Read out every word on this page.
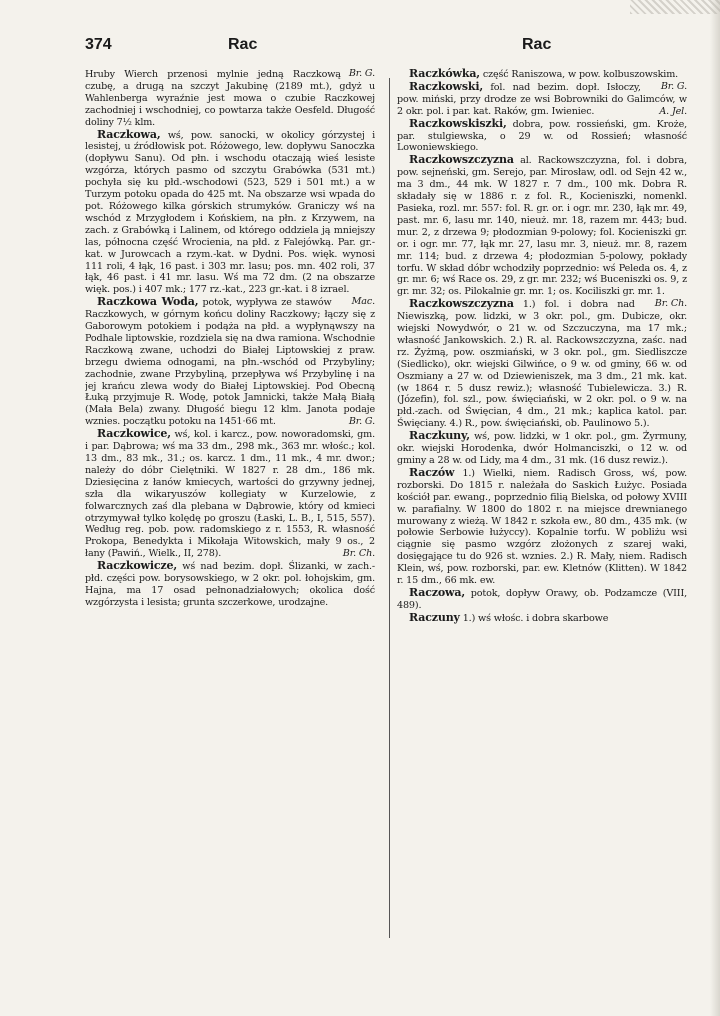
374	Rac	Rac

Br. G.
Hruby Wierch przenosi mylnie jedną Raczkową czubę, a drugą na szczyt Jakubinę (2189 mt.), gdyż u Wahlenberga wyraźnie jest mowa o czubie Raczkowej zachodniej i wschodniej, co powtarza także Oesfeld. Długość doliny 7½ klm.

Raczkowa, wś, pow. sanocki, w okolicy górzystej i lesistej, u źródłowisk pot. Różowego, lew. dopływu Sanoczka (dopływu Sanu). Od płn. i wschodu otaczają wieś lesiste wzgórza, których pasmo od szczytu Grabówka (531 mt.) pochyła się ku płd.-wschodowi (523, 529 i 501 mt.) a w Turzym potoku opada do 425 mt. Na obszarze wsi wpada do pot. Różowego kilka górskich strumyków. Graniczy wś na wschód z Mrzygłodem i Końskiem, na płn. z Krzywem, na zach. z Grabówką i Lalinem, od którego oddziela ją mniejszy las, północna część Wrocienia, na płd. z Falejówką. Par. gr.-kat. w Jurowcach a rzym.-kat. w Dydni. Pos. więk. wynosi 111 roli, 4 łąk, 16 past. i 303 mr. lasu; pos. mn. 402 roli, 37 łąk, 46 past. i 41 mr. lasu. Wś ma 72 dm. (2 na obszarze więk. pos.) i 407 mk.; 177 rz.-kat., 223 gr.-kat. i 8 izrael.
Mac.

Raczkowa Woda, potok, wypływa ze stawów Raczkowych, w górnym końcu doliny Raczkowy; łączy się z Gaborowym potokiem i podąża na płd. a wypłynąwszy na Podhale liptowskie, rozdziela się na dwa ramiona. Wschodnie Raczkową zwane, uchodzi do Białej Liptowskiej z praw. brzegu dwiema odnogami, na płn.-wschód od Przybyliny; zachodnie, zwane Przybyliną, przepływa wś Przybylinę i na jej krańcu zlewa wody do Białej Liptowskiej. Pod Obecną Łuką przyjmuje R. Wodę, potok Jamnicki, także Małą Białą (Mała Bela) zwany. Długość biegu 12 klm. Janota podaje wznies. początku potoku na 1451·66 mt.	Br. G.

Raczkowice, wś, kol. i karcz., pow. noworadomski, gm. i par. Dąbrowa; wś ma 33 dm., 298 mk., 363 mr. włośc.; kol. 13 dm., 83 mk., 31.; os. karcz. 1 dm., 11 mk., 4 mr. dwor.; należy do dóbr Cielętniki. W 1827 r. 28 dm., 186 mk. Dziesięcina z łanów kmiecych, wartości do grzywny jednej, szła dla wikaryuszów kollegiaty w Kurzelowie, z folwarcznych zaś dla plebana w Dąbrowie, który od kmieci otrzymywał tylko kolędę po groszu (Łaski, L. B., I, 515, 557). Według reg. pob. pow. radomskiego z r. 1553, R. własność Prokopa, Benedykta i Mikołaja Witowskich, mały 9 os., 2 łany (Pawiń., Wielk., II, 278).	Br. Ch.

Raczkowicze, wś nad bezim. dopł. Ślizanki, w zach.-płd. części pow. borysowskiego, w 2 okr. pol. łohojskim, gm. Hajna, ma 17 osad pełnonadziałowych; okolica dość wzgórzysta i lesista; grunta szczerkowe, urodzajne.

Raczkówka, część Raniszowa, w pow. kolbuszowskim.
Br. G.

Raczkowski, fol. nad bezim. dopł. Isłoczy, pow. miński, przy drodze ze wsi Bobrowniki do Galimców, w 2 okr. pol. i par. kat. Raków, gm. Iwieniec.	A. Jel.

Raczkowskiszki, dobra, pow. rossieński, gm. Kroże, par. stulgiewska, o 29 w. od Rossień; własność Lowoniewskiego.

Raczkowszczyzna al. Rackowszczyzna, fol. i dobra, pow. sejneński, gm. Serejo, par. Mirosław, odl. od Sejn 42 w., ma 3 dm., 44 mk. W 1827 r. 7 dm., 100 mk. Dobra R. składały się w 1886 r. z fol. R., Kocieniszki, nomenkl. Pasieka, rozl. mr. 557: fol. R. gr. or. i ogr. mr. 230, łąk mr. 49, past. mr. 6, lasu mr. 140, nieuż. mr. 18, razem mr. 443; bud. mur. 2, z drzewa 9; płodozmian 9-polowy; fol. Kocieniszki gr. or. i ogr. mr. 77, łąk mr. 27, lasu mr. 3, nieuż. mr. 8, razem mr. 114; bud. z drzewa 4; płodozmian 5-polowy, pokłady torfu. W skład dóbr wchodziły poprzednio: wś Peleda os. 4, z gr. mr. 6; wś Race os. 29, z gr. mr. 232; wś Buceniszki os. 9, z gr. mr. 32; os. Pilokalnie gr. mr. 1; os. Kociliszki gr. mr. 1.
Br. Ch.

Raczkowszczyzna 1.) fol. i dobra nad Niewiszką, pow. lidzki, w 3 okr. pol., gm. Dubicze, okr. wiejski Nowydwór, o 21 w. od Szczuczyna, ma 17 mk.; własność Jankowskich. 2.) R. al. Rackowszczyzna, zaśc. nad rz. Żyżmą, pow. oszmiański, w 3 okr. pol., gm. Siedliszcze (Siedlicko), okr. wiejski Gilwińce, o 9 w. od gminy, 66 w. od Oszmiany a 27 w. od Dziewieniszek, ma 3 dm., 21 mk. kat. (w 1864 r. 5 dusz rewiz.); własność Tubielewicza. 3.) R. (Józefin), fol. szl., pow. święciański, w 2 okr. pol. o 9 w. na płd.-zach. od Święcian, 4 dm., 21 mk.; kaplica katol. par. Święciany. 4.) R., pow. święciański, ob. Paulinowo 5.).

Raczkuny, wś, pow. lidzki, w 1 okr. pol., gm. Żyrmuny, okr. wiejski Horodenka, dwór Holmanciszki, o 12 w. od gminy a 28 w. od Lidy, ma 4 dm., 31 mk. (16 dusz rewiz.).

Raczów 1.) Wielki, niem. Radisch Gross, wś, pow. rozborski. Do 1815 r. należała do Saskich Łużyc. Posiada kościół par. ewang., poprzednio filią Bielska, od połowy XVIII w. parafialny. W 1800 do 1802 r. na miejsce drewnianego murowany z wieżą. W 1842 r. szkoła ew., 80 dm., 435 mk. (w połowie Serbowie łużyccy). Kopalnie torfu. W pobliżu wsi ciągnie się pasmo wzgórz złożonych z szarej waki, dosięgające tu do 926 st. wznies. 2.) R. Mały, niem. Radisch Klein, wś, pow. rozborski, par. ew. Kletnów (Klitten). W 1842 r. 15 dm., 66 mk. ew.

Raczowa, potok, dopływ Orawy, ob. Podzamcze (VIII, 489).

Raczuny 1.) wś włośc. i dobra skarbowe
